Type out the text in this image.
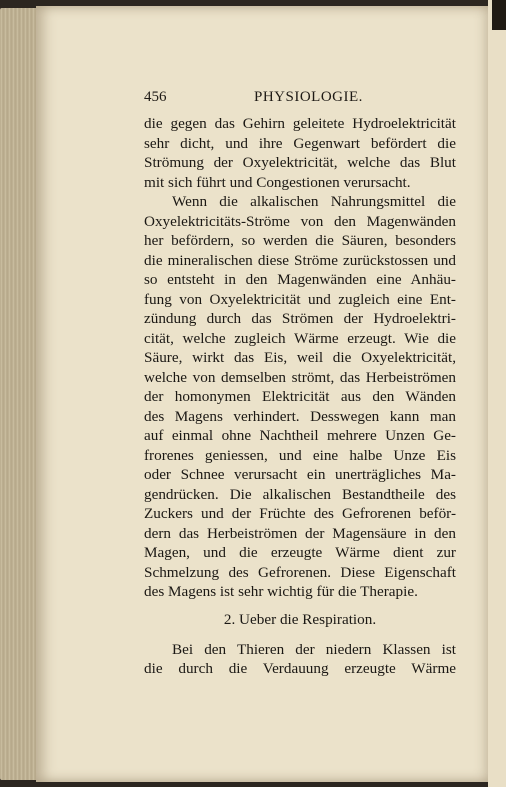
456	PHYSIOLOGIE.
die gegen das Gehirn geleitete Hydroelektricität
sehr dicht, und ihre Gegenwart befördert die
Strömung der Oxyelektricität, welche das Blut
mit sich führt und Congestionen verursacht.
Wenn die alkalischen Nahrungsmittel die
Oxyelektricitäts-Ströme von den Magenwänden
her befördern, so werden die Säuren, besonders
die mineralischen diese Ströme zurückstossen und
so entsteht in den Magenwänden eine Anhäu-
fung von Oxyelektricität und zugleich eine Ent-
zündung durch das Strömen der Hydroelektri-
cität, welche zugleich Wärme erzeugt. Wie die
Säure, wirkt das Eis, weil die Oxyelektricität,
welche von demselben strömt, das Herbeiströmen
der homonymen Elektricität aus den Wänden
des Magens verhindert. Desswegen kann man
auf einmal ohne Nachtheil mehrere Unzen Ge-
frorenes geniessen, und eine halbe Unze Eis
oder Schnee verursacht ein unerträgliches Ma-
gendrücken. Die alkalischen Bestandtheile des
Zuckers und der Früchte des Gefrorenen beför-
dern das Herbeiströmen der Magensäure in den
Magen, und die erzeugte Wärme dient zur
Schmelzung des Gefrorenen. Diese Eigenschaft
des Magens ist sehr wichtig für die Therapie.
2. Ueber die Respiration.
Bei den Thieren der niedern Klassen ist
die durch die Verdauung erzeugte Wärme
